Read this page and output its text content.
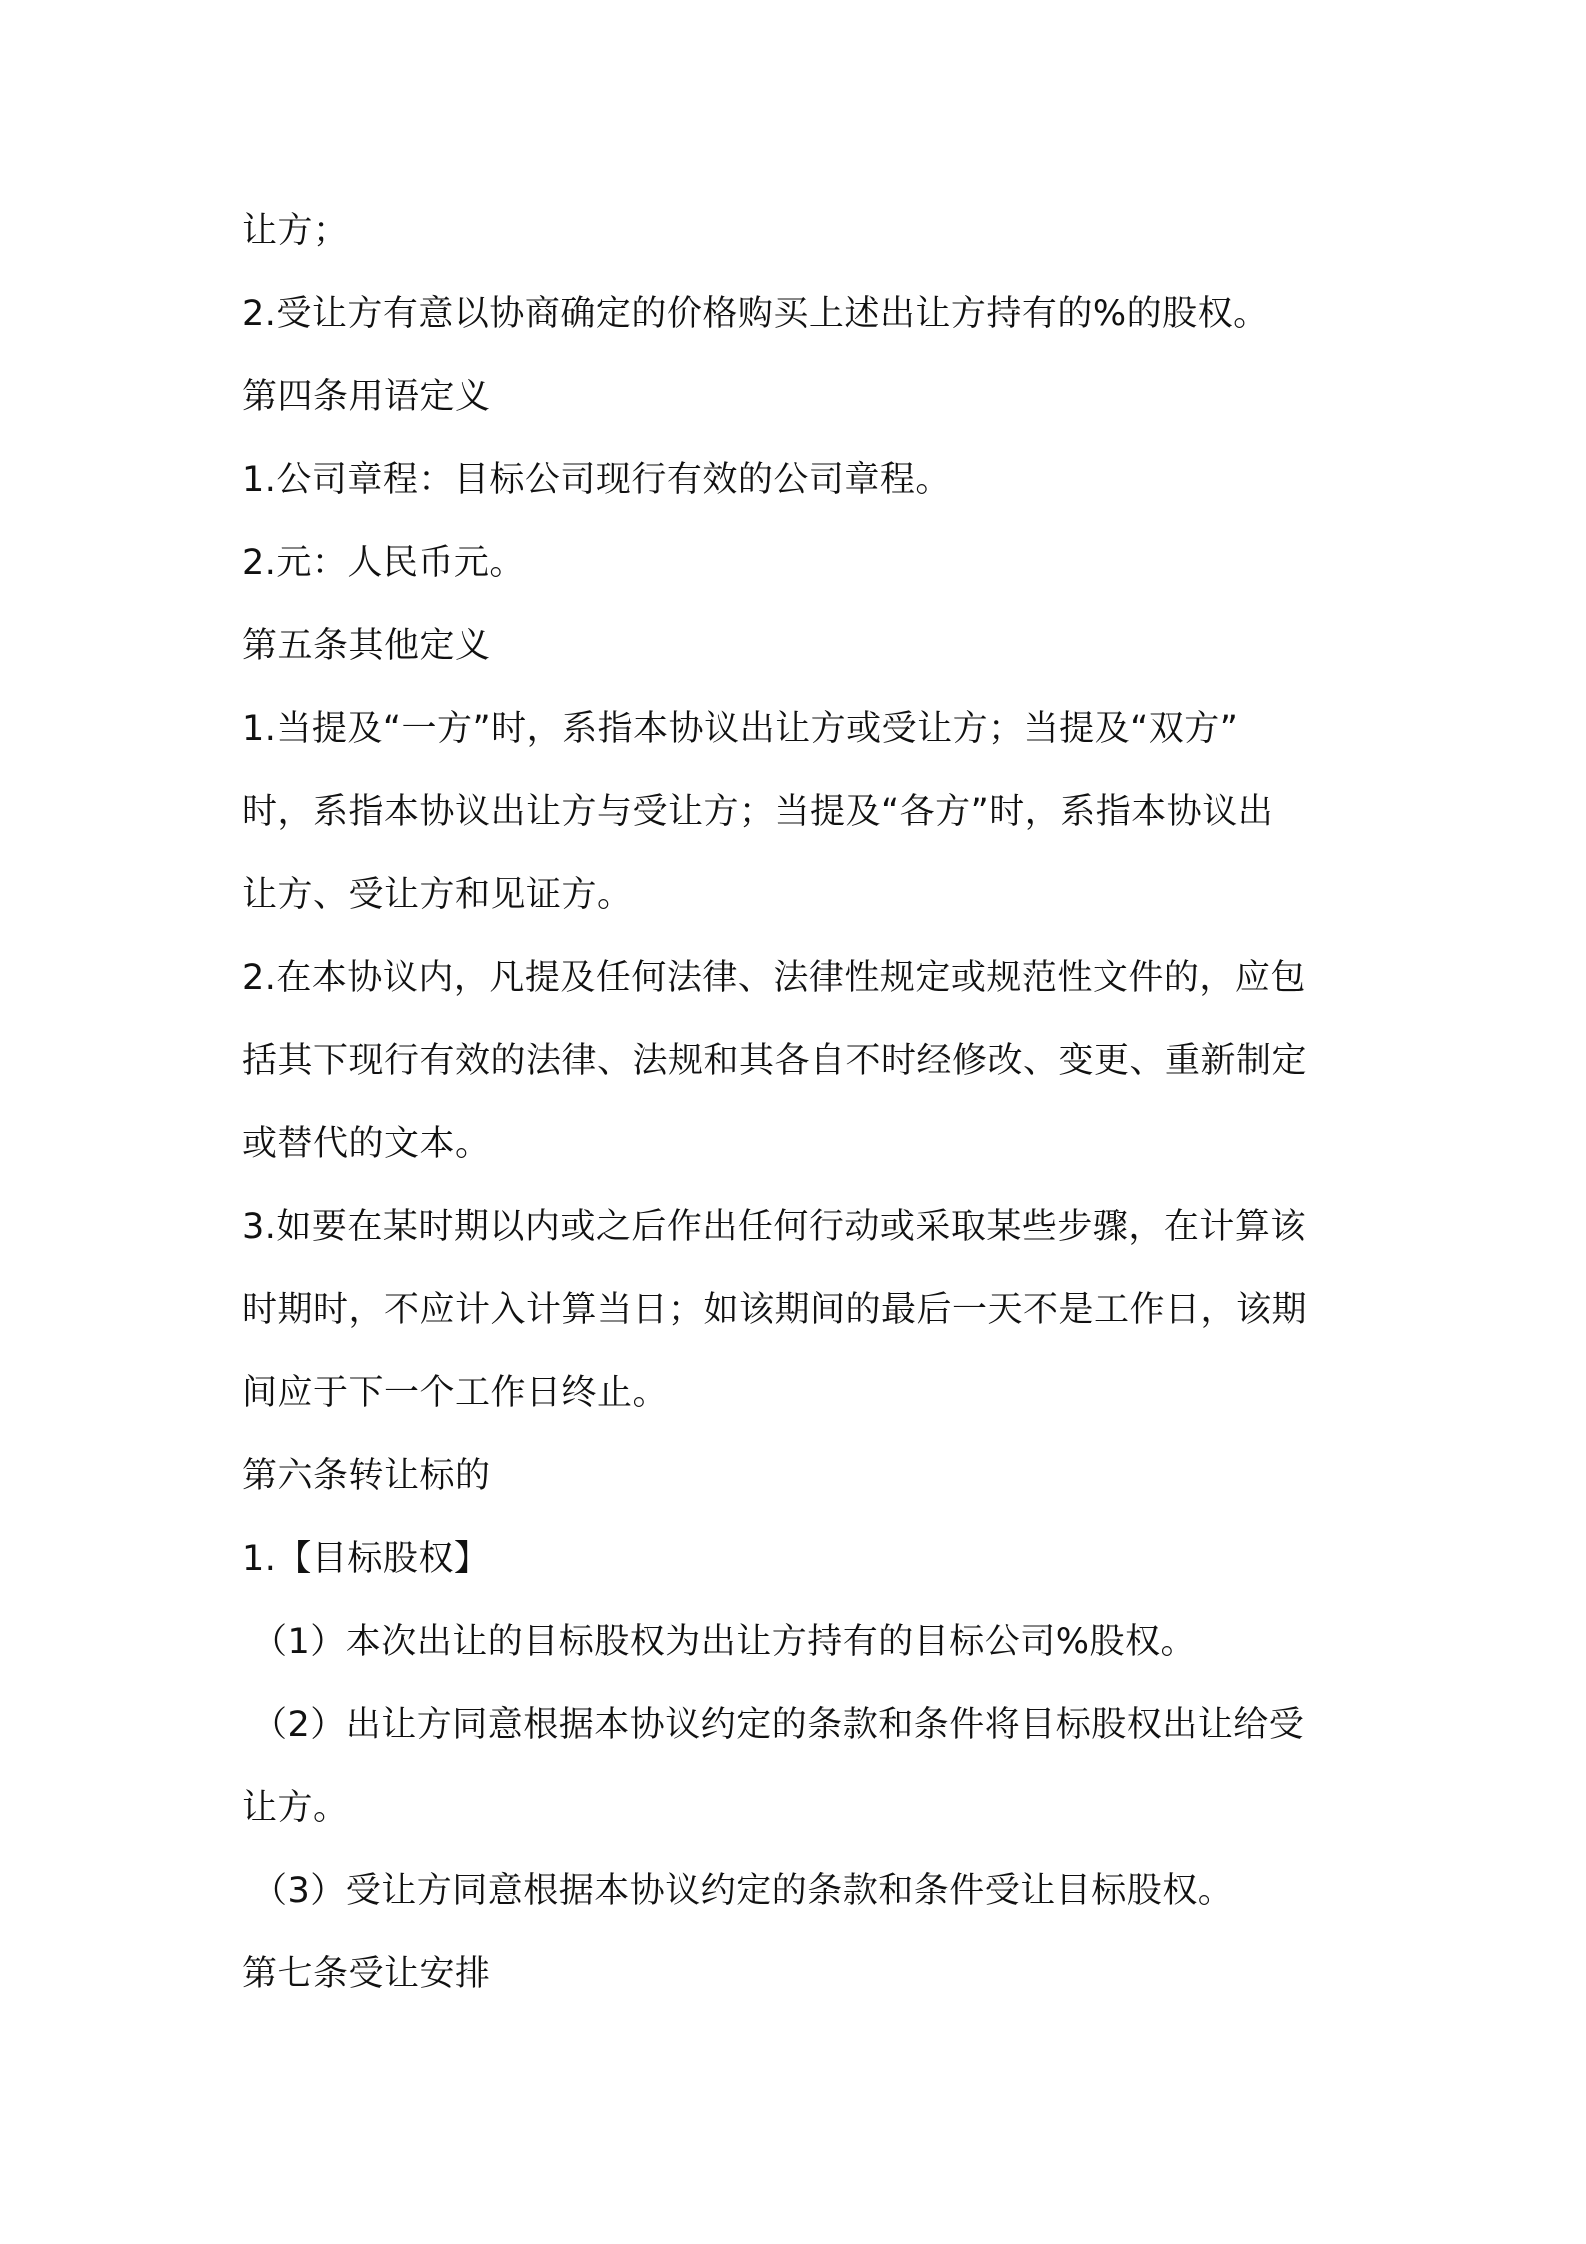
让方；
2.受让方有意以协商确定的价格购买上述出让方持有的%的股权。
第四条用语定义
1.公司章程：目标公司现行有效的公司章程。
2.元：人民币元。
第五条其他定义
1.当提及“一方”时，系指本协议出让方或受让方；当提及“双方”
时，系指本协议出让方与受让方；当提及“各方”时，系指本协议出
让方、受让方和见证方。
2.在本协议内，凡提及任何法律、法律性规定或规范性文件的，应包
括其下现行有效的法律、法规和其各自不时经修改、变更、重新制定
或替代的文本。
3.如要在某时期以内或之后作出任何行动或采取某些步骤，在计算该
时期时，不应计入计算当日；如该期间的最后一天不是工作日，该期
间应于下一个工作日终止。
第六条转让标的
1.【目标股权】
（1）本次出让的目标股权为出让方持有的目标公司%股权。
（2）出让方同意根据本协议约定的条款和条件将目标股权出让给受
让方。
（3）受让方同意根据本协议约定的条款和条件受让目标股权。
第七条受让安排
